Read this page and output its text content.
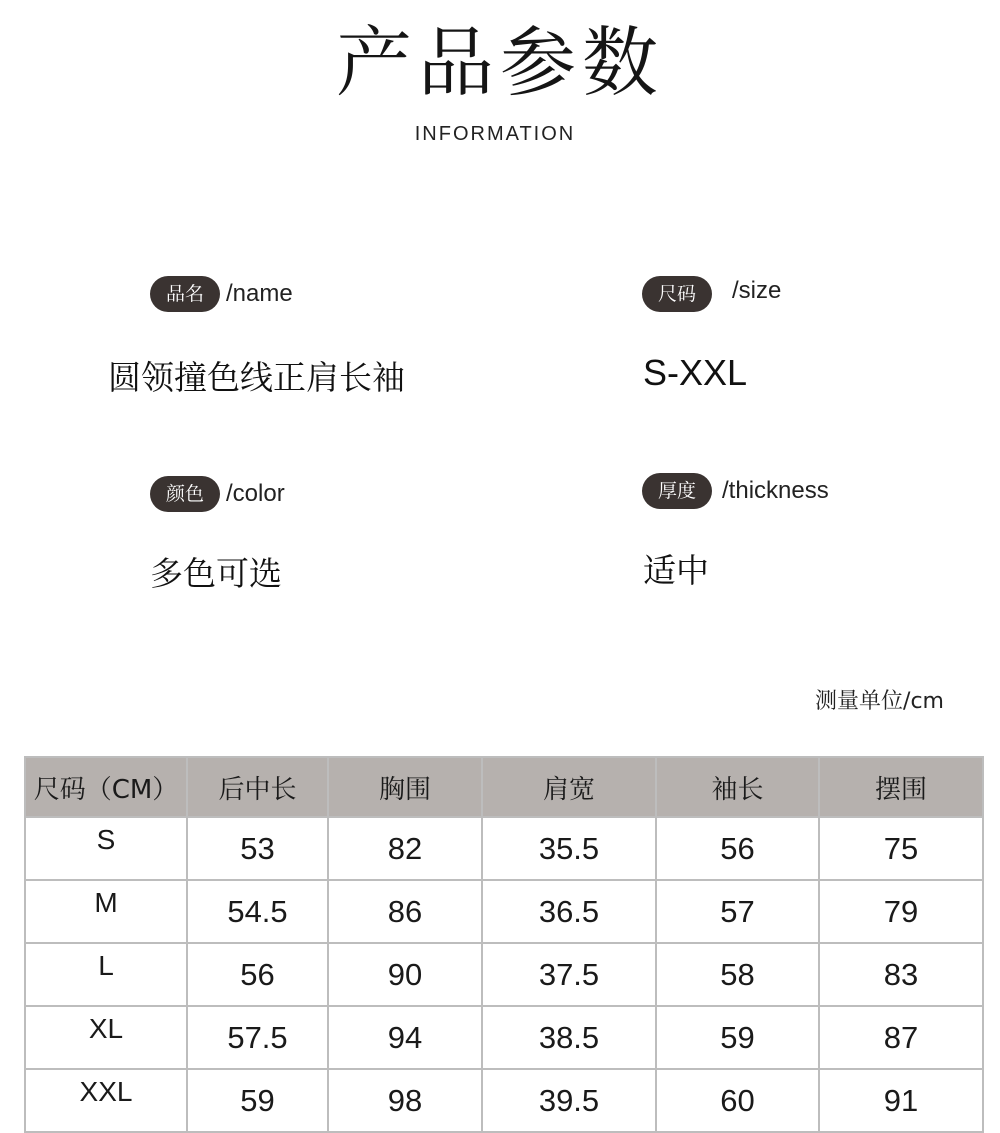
产品参数
INFORMATION
品名 /name
圆领撞色线正肩长袖
尺码	/size
S-XXL
颜色 /color
多色可选
厚度	/thickness
适中
测量单位/cm
尺码（CM）	后中长	胸围	肩宽	袖长	摆围
S	53	82	35.5	56	75
M	54.5	86	36.5	57	79
L	56	90	37.5	58	83
XL	57.5	94	38.5	59	87
XXL	59	98	39.5	60	91
